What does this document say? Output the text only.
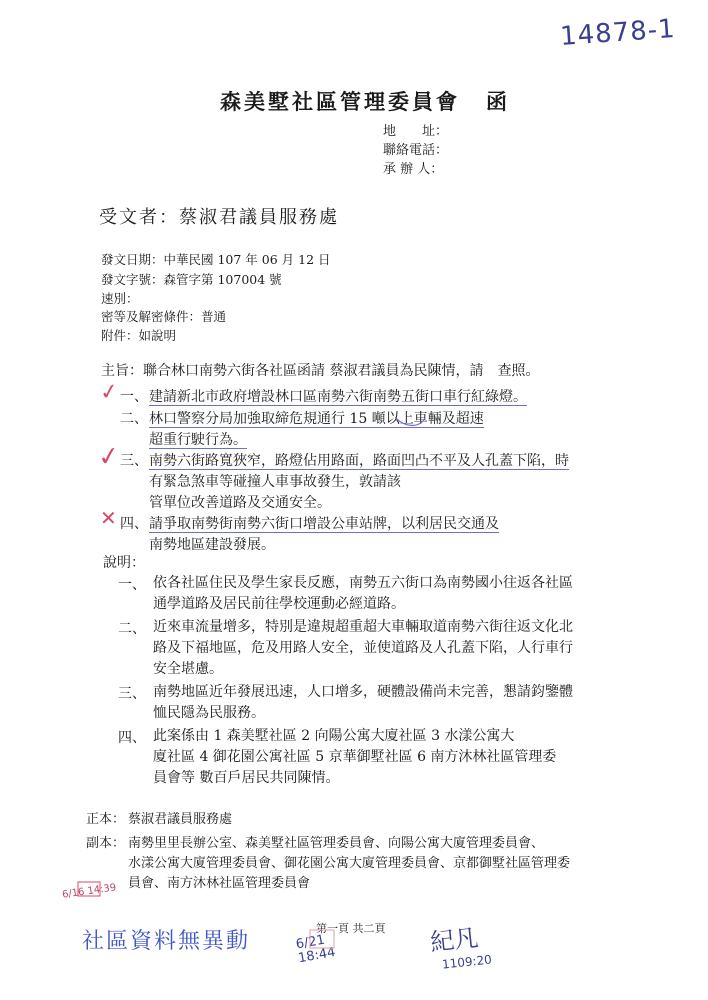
14878-1
森美墅社區管理委員會 函
地　　址：
聯絡電話：
承 辦 人：
受文者：蔡淑君議員服務處
發文日期：中華民國 107 年 06 月 12 日
發文字號：森管字第 107004 號
速別：
密等及解密條件：普通
附件：如說明
主旨：聯合林口南勢六街各社區函請 蔡淑君議員為民陳情，請　查照。
一、 建請新北市政府增設林口區南勢六街南勢五街口車行紅綠燈。
二、 林口警察分局加強取締危規通行 15 噸以上車輛及超速
超重行駛行為。
三、 南勢六街路寬狹窄，路燈佔用路面，路面凹凸不平及人孔蓋下陷，時
有緊急煞車等碰撞人車事故發生，敦請該
管單位改善道路及交通安全。
四、 請爭取南勢街南勢六街口增設公車站牌，以利居民交通及
南勢地區建設發展。
說明：
一、 依各社區住民及學生家長反應，南勢五六街口為南勢國小往返各社區
通學道路及居民前往學校運動必經道路。
二、 近來車流量增多，特別是違規超重超大車輛取道南勢六街往返文化北
路及下福地區，危及用路人安全，並使道路及人孔蓋下陷，人行車行
安全堪慮。
三、 南勢地區近年發展迅速，人口增多，硬體設備尚未完善，懇請鈞鑒體
恤民隱為民服務。
四、 此案係由 1 森美墅社區 2 向陽公寓大廈社區 3 水漾公寓大
廈社區 4 御花園公寓社區 5 京華御墅社區 6 南方沐林社區管理委
員會等 數百戶居民共同陳情。
正本： 蔡淑君議員服務處
副本： 南勢里里長辦公室、森美墅社區管理委員會、向陽公寓大廈管理委員會、
水漾公寓大廈管理委員會、御花園公寓大廈管理委員會、京都御墅社區管理委
員會、南方沐林社區管理委員會
第一頁 共二頁
6/16 14:39
社區資料無異動	6/21 18:44	紀凡
1109:20
✓
✓
✕
